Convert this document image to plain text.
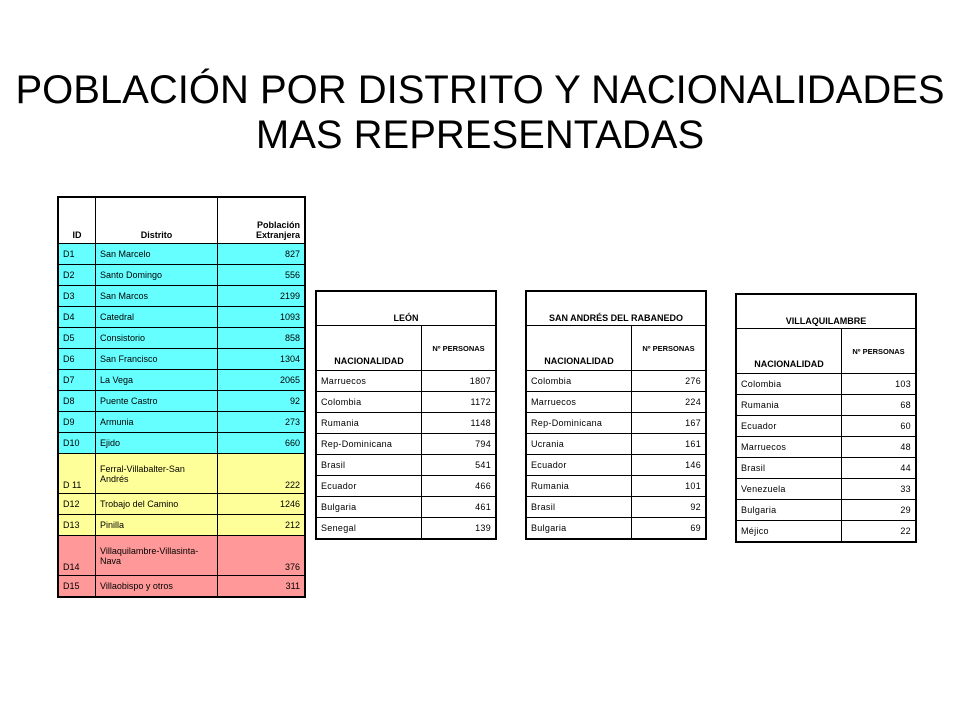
POBLACIÓN POR DISTRITO Y NACIONALIDADES MAS REPRESENTADAS
ID	Distrito	Población Extranjera
D1	San Marcelo	827
D2	Santo Domingo	556
D3	San Marcos	2199
D4	Catedral	1093
D5	Consistorio	858
D6	San Francisco	1304
D7	La Vega	2065
D8	Puente Castro	92
D9	Armunia	273
D10	Ejido	660
D 11	Ferral-Villabalter-San Andrés	222
D12	Trobajo del Camino	1246
D13	Pinilla	212
D14	Villaquilambre-Villasinta-Nava	376
D15	Villaobispo y otros	311
LEÓN	
NACIONALIDAD	Nº PERSONAS
Marruecos	1807
Colombia	1172
Rumania	1148
Rep-Dominicana	794
Brasil	541
Ecuador	466
Bulgaria	461
Senegal	139
SAN ANDRÉS DEL RABANEDO	
NACIONALIDAD	Nº PERSONAS
Colombia	276
Marruecos	224
Rep-Dominicana	167
Ucrania	161
Ecuador	146
Rumania	101
Brasil	92
Bulgaria	69
VILLAQUILAMBRE	
NACIONALIDAD	Nº PERSONAS
Colombia	103
Rumania	68
Ecuador	60
Marruecos	48
Brasil	44
Venezuela	33
Bulgaria	29
Méjico	22
